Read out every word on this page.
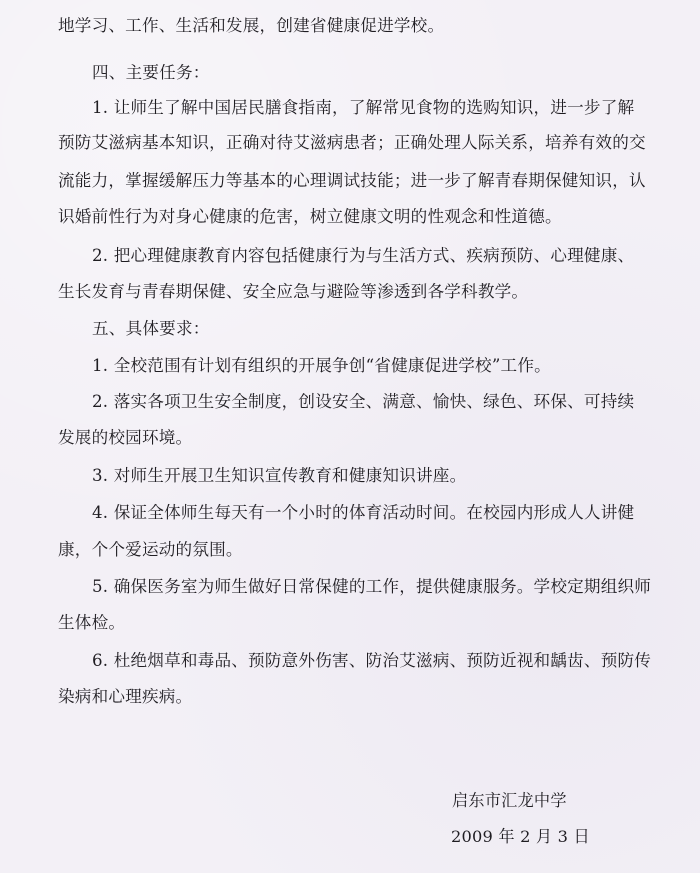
地学习、工作、生活和发展，创建省健康促进学校。
四、主要任务：
1. 让师生了解中国居民膳食指南，了解常见食物的选购知识，进一步了解
预防艾滋病基本知识，正确对待艾滋病患者；正确处理人际关系，培养有效的交
流能力，掌握缓解压力等基本的心理调试技能；进一步了解青春期保健知识，认
识婚前性行为对身心健康的危害，树立健康文明的性观念和性道德。
2. 把心理健康教育内容包括健康行为与生活方式、疾病预防、心理健康、
生长发育与青春期保健、安全应急与避险等渗透到各学科教学。
五、具体要求：
1. 全校范围有计划有组织的开展争创“省健康促进学校”工作。
2. 落实各项卫生安全制度，创设安全、满意、愉快、绿色、环保、可持续
发展的校园环境。
3. 对师生开展卫生知识宣传教育和健康知识讲座。
4. 保证全体师生每天有一个小时的体育活动时间。在校园内形成人人讲健
康，个个爱运动的氛围。
5. 确保医务室为师生做好日常保健的工作，提供健康服务。学校定期组织师
生体检。
6. 杜绝烟草和毒品、预防意外伤害、防治艾滋病、预防近视和龋齿、预防传
染病和心理疾病。
启东市汇龙中学
2009 年 2 月 3 日
